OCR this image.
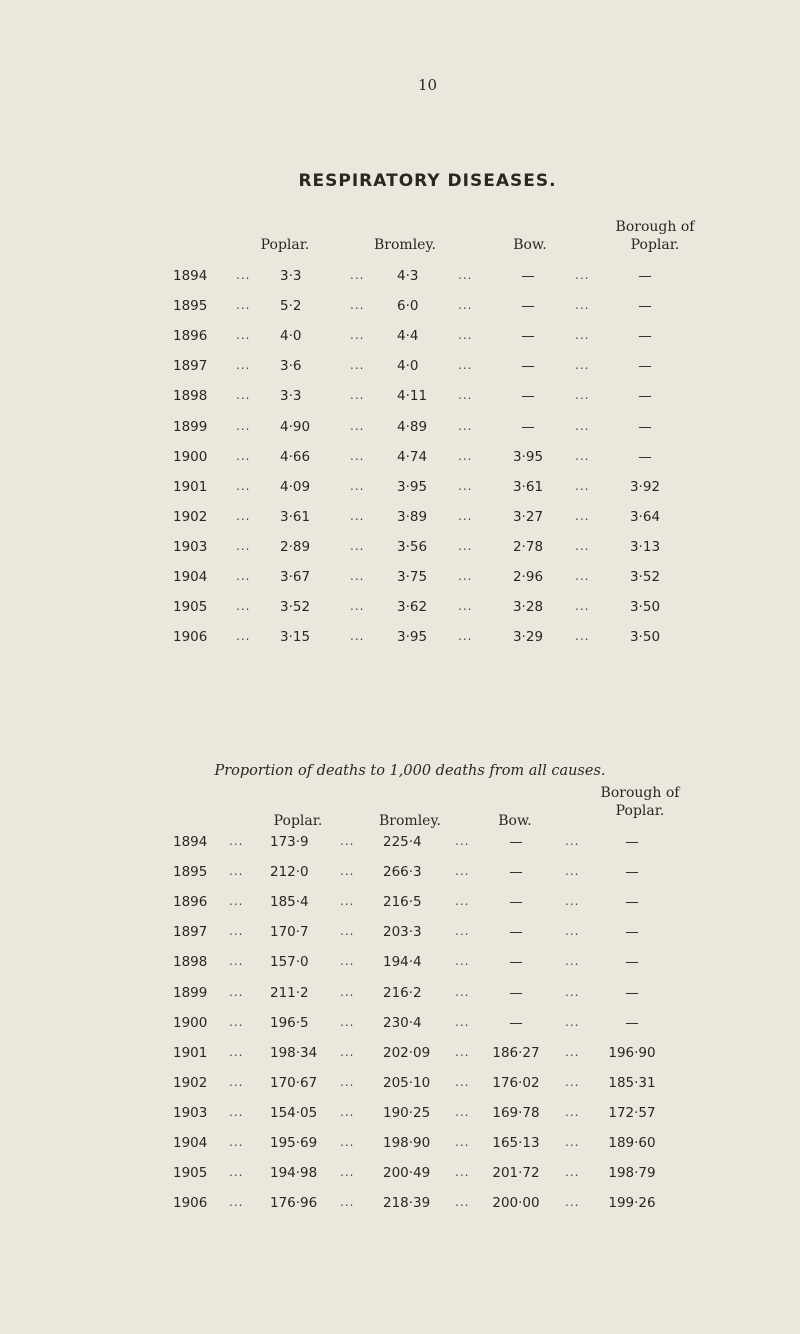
10
RESPIRATORY DISEASES.
Poplar.	Bromley.	Bow.
Borough of
Poplar.
1894	3·3	4·3	—	—
...	...	...	...
1895	5·2	6·0	—	—
...	...	...	...
1896	4·0	4·4	—	—
...	...	...	...
1897	3·6	4·0	—	—
...	...	...	...
1898	3·3	4·11	—	—
...	...	...	...
1899	4·90	4·89	—	—
...	...	...	...
1900	4·66	4·74	3·95	—
...	...	...	...
1901	4·09	3·95	3·61	3·92
...	...	...	...
1902	3·61	3·89	3·27	3·64
...	...	...	...
1903	2·89	3·56	2·78	3·13
...	...	...	...
1904	3·67	3·75	2·96	3·52
...	...	...	...
1905	3·52	3·62	3·28	3·50
...	...	...	...
1906	3·15	3·95	3·29	3·50
...	...	...	...
Proportion of deaths to 1,000 deaths from all causes.
Poplar.	Bromley.	Bow.
Borough of
Poplar.
1894	173·9	225·4	—	—
...	...	...	...
1895	212·0	266·3	—	—
...	...	...	...
1896	185·4	216·5	—	—
...	...	...	...
1897	170·7	203·3	—	—
...	...	...	...
1898	157·0	194·4	—	—
...	...	...	...
1899	211·2	216·2	—	—
...	...	...	...
1900	196·5	230·4	—	—
...	...	...	...
1901	198·34	202·09	186·27	196·90
...	...	...	...
1902	170·67	205·10	176·02	185·31
...	...	...	...
1903	154·05	190·25	169·78	172·57
...	...	...	...
1904	195·69	198·90	165·13	189·60
...	...	...	...
1905	194·98	200·49	201·72	198·79
...	...	...	...
1906	176·96	218·39	200·00	199·26
...	...	...	...
